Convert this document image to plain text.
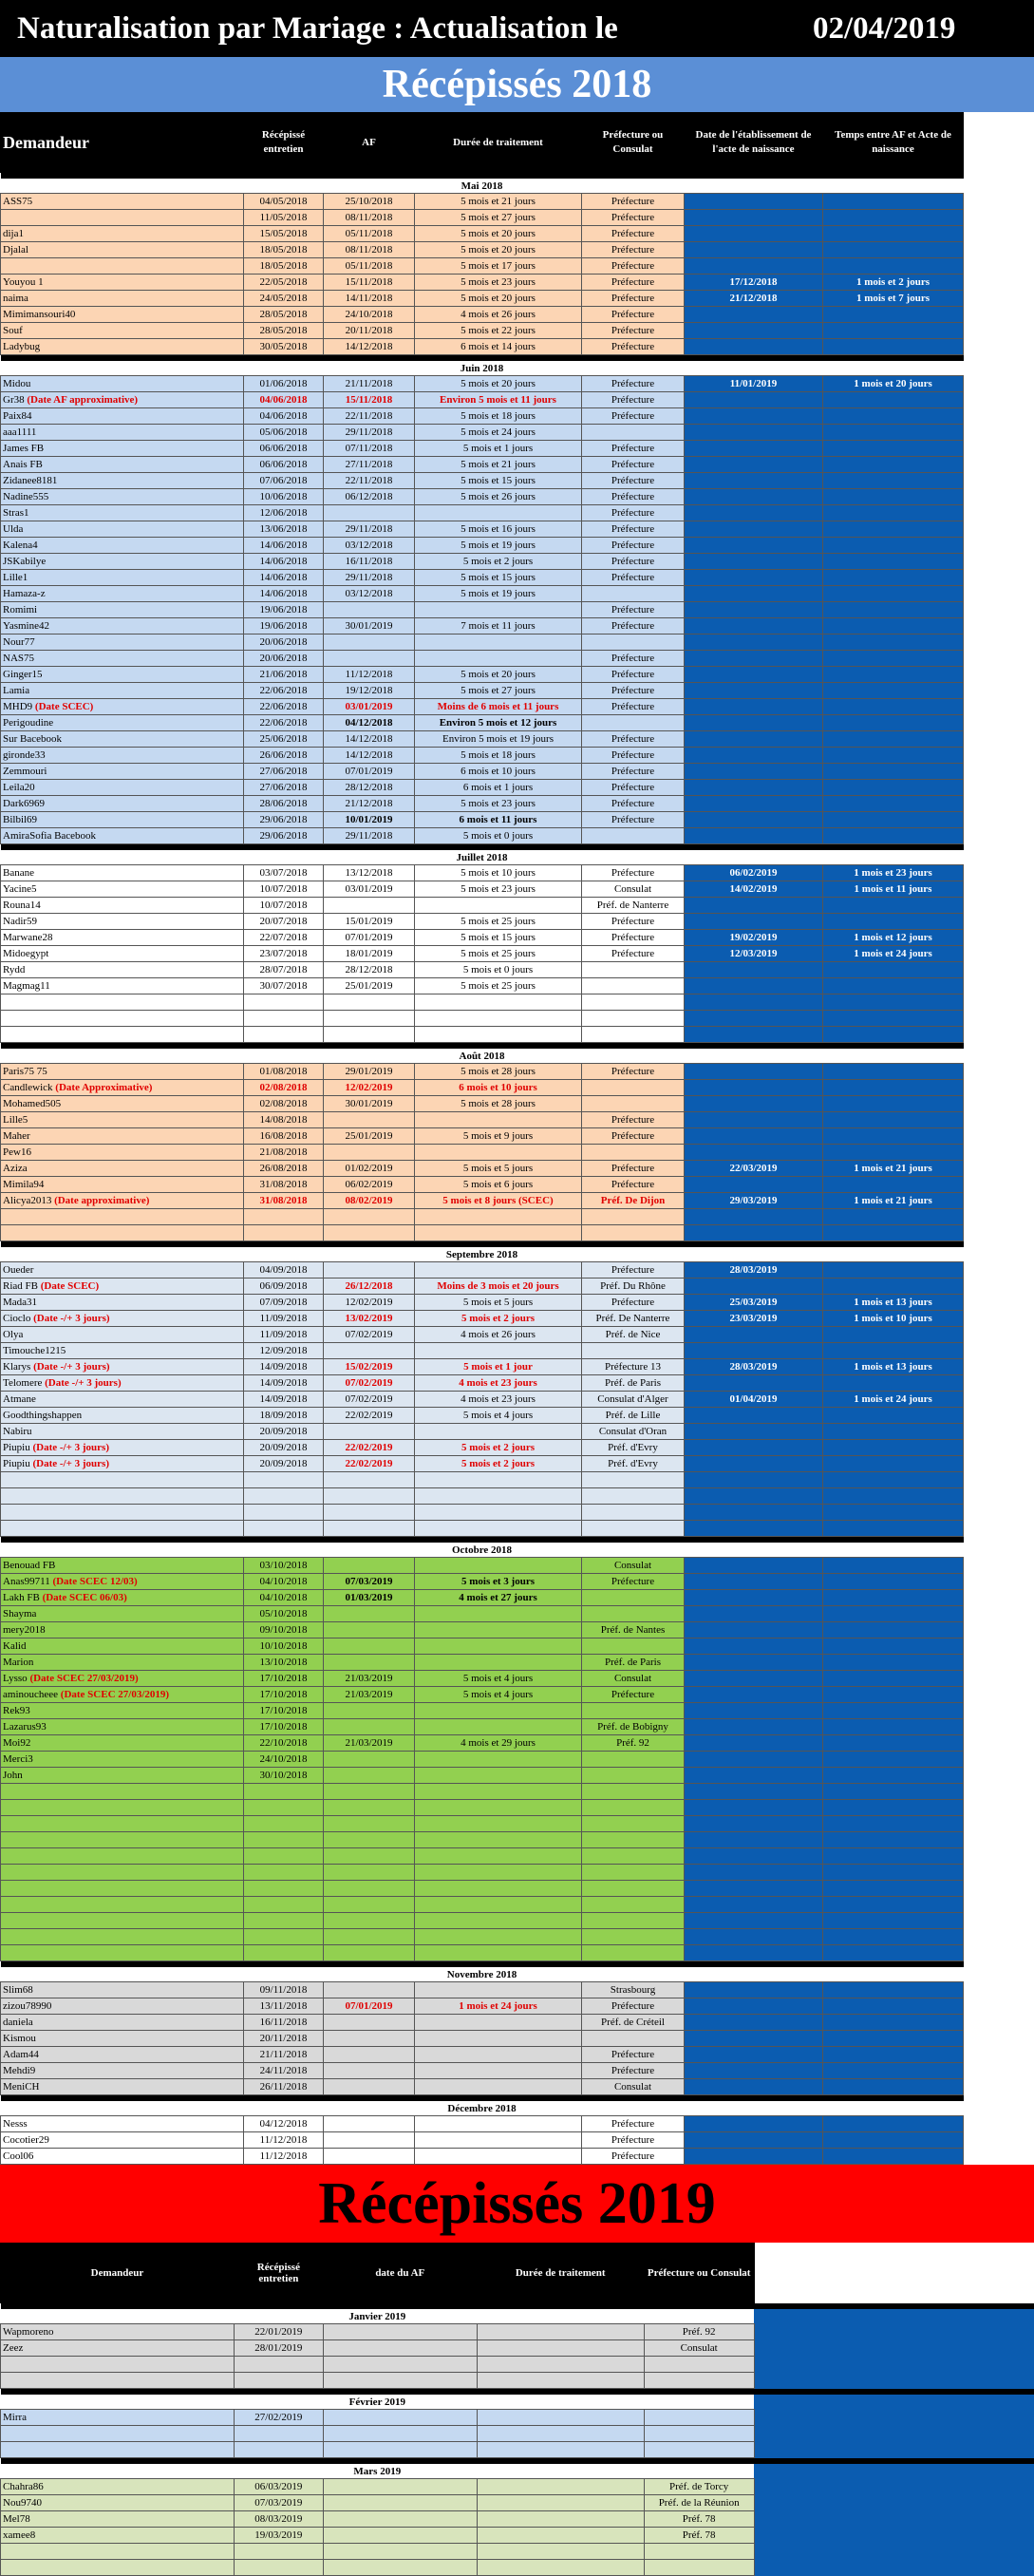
Naturalisation par Mariage : Actualisation le	02/04/2019
Récépissés 2018
Demandeur	Récépissé entretien	AF	Durée de traitement	Préfecture ou Consulat	Date de l'établissement de l'acte de naissance	Temps entre AF et Acte de naissance

Mai 2018						
ASS75	04/05/2018	25/10/2018	5 mois et 21 jours	Préfecture		
	11/05/2018	08/11/2018	5 mois et 27 jours	Préfecture		
dija1	15/05/2018	05/11/2018	5 mois et 20 jours	Préfecture		
Djalal	18/05/2018	08/11/2018	5 mois et 20 jours	Préfecture		
	18/05/2018	05/11/2018	5 mois et 17 jours	Préfecture		
Youyou 1	22/05/2018	15/11/2018	5 mois et 23 jours	Préfecture	17/12/2018	1 mois et 2 jours
naima	24/05/2018	14/11/2018	5 mois et 20 jours	Préfecture	21/12/2018	1 mois et 7 jours
Mimimansouri40	28/05/2018	24/10/2018	4 mois et 26 jours	Préfecture		
Souf	28/05/2018	20/11/2018	5 mois et 22 jours	Préfecture		
Ladybug	30/05/2018	14/12/2018	6 mois et 14 jours	Préfecture		

Juin 2018						
Midou	01/06/2018	21/11/2018	5 mois et 20 jours	Préfecture	11/01/2019	1 mois et 20 jours
Gr38 (Date AF approximative)	04/06/2018	15/11/2018	Environ 5 mois et 11 jours	Préfecture		
Paix84	04/06/2018	22/11/2018	5 mois et 18 jours	Préfecture		
aaa1111	05/06/2018	29/11/2018	5 mois et 24 jours			
James FB	06/06/2018	07/11/2018	5 mois et 1 jours	Préfecture		
Anais FB	06/06/2018	27/11/2018	5 mois et 21 jours	Préfecture		
Zidanee8181	07/06/2018	22/11/2018	5 mois et 15 jours	Préfecture		
Nadine555	10/06/2018	06/12/2018	5 mois et 26 jours	Préfecture		
Stras1	12/06/2018			Préfecture		
Ulda	13/06/2018	29/11/2018	5 mois et 16 jours	Préfecture		
Kalena4	14/06/2018	03/12/2018	5 mois et 19 jours	Préfecture		
JSKabilye	14/06/2018	16/11/2018	5 mois et 2 jours	Préfecture		
Lille1	14/06/2018	29/11/2018	5 mois et 15 jours	Préfecture		
Hamaza-z	14/06/2018	03/12/2018	5 mois et 19 jours			
Romimi	19/06/2018			Préfecture		
Yasmine42	19/06/2018	30/01/2019	7 mois et 11 jours	Préfecture		
Nour77	20/06/2018					
NAS75	20/06/2018			Préfecture		
Ginger15	21/06/2018	11/12/2018	5 mois et 20 jours	Préfecture		
Lamia	22/06/2018	19/12/2018	5 mois et 27 jours	Préfecture		
MHD9 (Date SCEC)	22/06/2018	03/01/2019	Moins de 6 mois et 11 jours	Préfecture		
Perigoudine	22/06/2018	04/12/2018	Environ 5 mois et 12 jours			
Sur Bacebook	25/06/2018	14/12/2018	Environ 5 mois et 19 jours	Préfecture		
gironde33	26/06/2018	14/12/2018	5 mois et 18 jours	Préfecture		
Zemmouri	27/06/2018	07/01/2019	6 mois et 10 jours	Préfecture		
Leila20	27/06/2018	28/12/2018	6 mois et 1 jours	Préfecture		
Dark6969	28/06/2018	21/12/2018	5 mois et 23 jours	Préfecture		
Bilbil69	29/06/2018	10/01/2019	6 mois et 11 jours	Préfecture		
AmiraSofia Bacebook	29/06/2018	29/11/2018	5 mois et 0 jours			

Juillet 2018						
Banane	03/07/2018	13/12/2018	5 mois et 10 jours	Préfecture	06/02/2019	1 mois et 23 jours
Yacine5	10/07/2018	03/01/2019	5 mois et 23 jours	Consulat	14/02/2019	1 mois et 11 jours
Rouna14	10/07/2018			Préf. de Nanterre		
Nadir59	20/07/2018	15/01/2019	5 mois et 25 jours	Préfecture		
Marwane28	22/07/2018	07/01/2019	5 mois et 15 jours	Préfecture	19/02/2019	1 mois et 12 jours
Midoegypt	23/07/2018	18/01/2019	5 mois et 25 jours	Préfecture	12/03/2019	1 mois et 24 jours
Rydd	28/07/2018	28/12/2018	5 mois et 0 jours			
Magmag11	30/07/2018	25/01/2019	5 mois et 25 jours			

Août 2018						
Paris75 75	01/08/2018	29/01/2019	5 mois et 28 jours	Préfecture		
Candlewick (Date Approximative)	02/08/2018	12/02/2019	6 mois et 10 jours			
Mohamed505	02/08/2018	30/01/2019	5 mois et 28 jours			
Lille5	14/08/2018			Préfecture		
Maher	16/08/2018	25/01/2019	5 mois et 9 jours	Préfecture		
Pew16	21/08/2018					
Aziza	26/08/2018	01/02/2019	5 mois et 5 jours	Préfecture	22/03/2019	1 mois et 21 jours
Mimila94	31/08/2018	06/02/2019	5 mois et 6 jours	Préfecture		
Alicya2013 (Date approximative)	31/08/2018	08/02/2019	5 mois et 8 jours (SCEC)	Préf. De Dijon	29/03/2019	1 mois et 21 jours

Septembre 2018						
Oueder	04/09/2018			Préfecture	28/03/2019	
Riad FB (Date SCEC)	06/09/2018	26/12/2018	Moins de 3 mois et 20 jours	Préf. Du Rhône		
Mada31	07/09/2018	12/02/2019	5 mois et 5 jours	Préfecture	25/03/2019	1 mois et 13 jours
Cioclo (Date -/+ 3 jours)	11/09/2018	13/02/2019	5 mois et 2 jours	Préf. De Nanterre	23/03/2019	1 mois et 10 jours
Olya	11/09/2018	07/02/2019	4 mois et 26 jours	Préf. de Nice		
Timouche1215	12/09/2018					
Klarys (Date -/+ 3 jours)	14/09/2018	15/02/2019	5 mois et 1 jour	Préfecture 13	28/03/2019	1 mois et 13 jours
Telomere (Date -/+ 3 jours)	14/09/2018	07/02/2019	4 mois et 23 jours	Préf. de Paris		
Atmane	14/09/2018	07/02/2019	4 mois et 23 jours	Consulat d'Alger	01/04/2019	1 mois et 24 jours
Goodthingshappen	18/09/2018	22/02/2019	5 mois et 4 jours	Préf. de Lille		
Nabiru	20/09/2018			Consulat d'Oran		
Piupiu (Date -/+ 3 jours)	20/09/2018	22/02/2019	5 mois et 2 jours	Préf. d'Evry		
Piupiu (Date -/+ 3 jours)	20/09/2018	22/02/2019	5 mois et 2 jours	Préf. d'Evry		

Octobre 2018						
Benouad FB	03/10/2018			Consulat		
Anas99711 (Date SCEC 12/03)	04/10/2018	07/03/2019	5 mois et 3 jours	Préfecture		
Lakh FB (Date SCEC 06/03)	04/10/2018	01/03/2019	4 mois et 27 jours			
Shayma	05/10/2018					
mery2018	09/10/2018			Préf. de Nantes		
Kalid	10/10/2018					
Marion	13/10/2018			Préf. de Paris		
Lysso (Date SCEC 27/03/2019)	17/10/2018	21/03/2019	5 mois et 4 jours	Consulat		
aminoucheee (Date SCEC 27/03/2019)	17/10/2018	21/03/2019	5 mois et 4 jours	Préfecture		
Rek93	17/10/2018					
Lazarus93	17/10/2018			Préf. de Bobigny		
Moi92	22/10/2018	21/03/2019	4 mois et 29 jours	Préf. 92		
Merci3	24/10/2018					
John	30/10/2018					

Novembre 2018						
Slim68	09/11/2018			Strasbourg		
zizou78990	13/11/2018	07/01/2019	1 mois et 24 jours	Préfecture		
daniela	16/11/2018			Préf. de Créteil		
Kismou	20/11/2018					
Adam44	21/11/2018			Préfecture		
Mehdi9	24/11/2018			Préfecture		
MeniCH	26/11/2018			Consulat		

Décembre 2018						
Nesss	04/12/2018			Préfecture		
Cocotier29	11/12/2018			Préfecture		
Cool06	11/12/2018			Préfecture		
Récépissés 2019
Demandeur	Récépissé entretien	date du AF	Durée de traitement	Préfecture ou Consulat	

Janvier 2019					
Wapmoreno	22/01/2019			Préf. 92	
Zeez	28/01/2019			Consulat	

Février 2019					
Mirra	27/02/2019				

Mars 2019					
Chahra86	06/03/2019			Préf. de Torcy	
Nou9740	07/03/2019			Préf. de la Réunion	
Mel78	08/03/2019			Préf. 78	
xamee8	19/03/2019			Préf. 78	
